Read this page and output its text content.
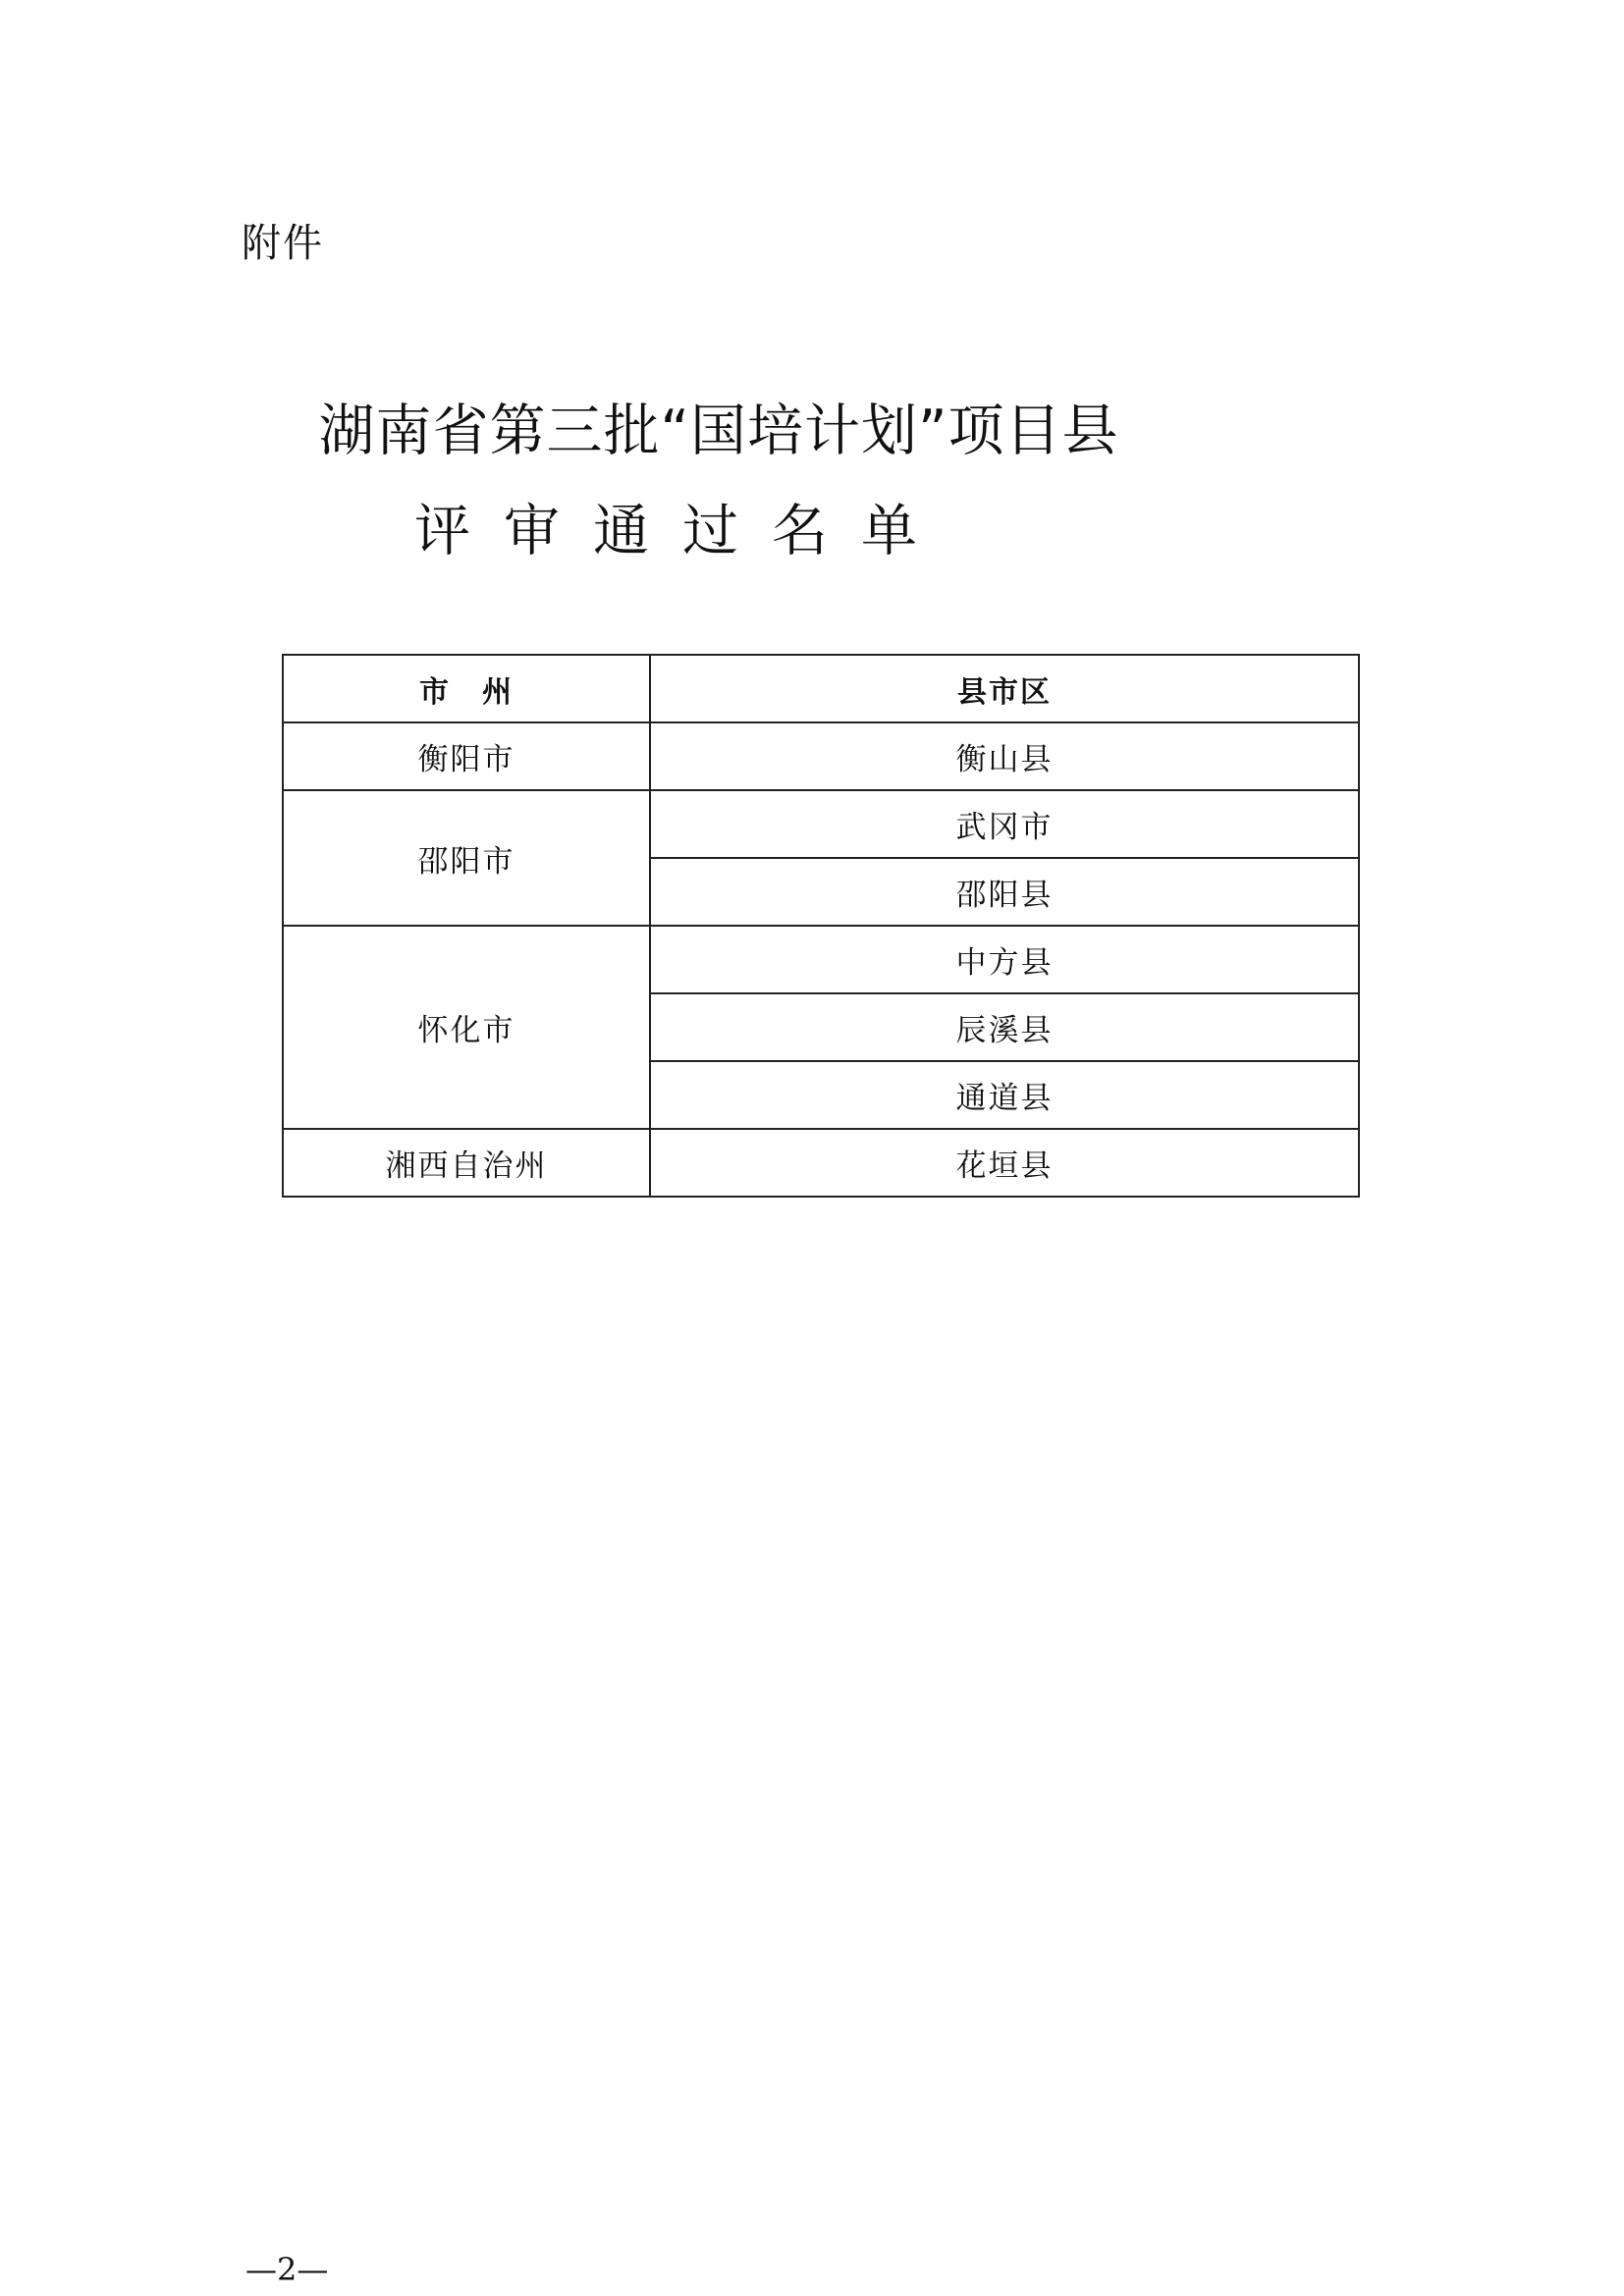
附件
湖南省第三批“国培计划”项目县
评审通过名单
市　州	县市区
衡阳市	衡山县
邵阳市	武冈市
	邵阳县
怀化市	中方县
	辰溪县
	通道县
湘西自治州	花垣县
—2—
